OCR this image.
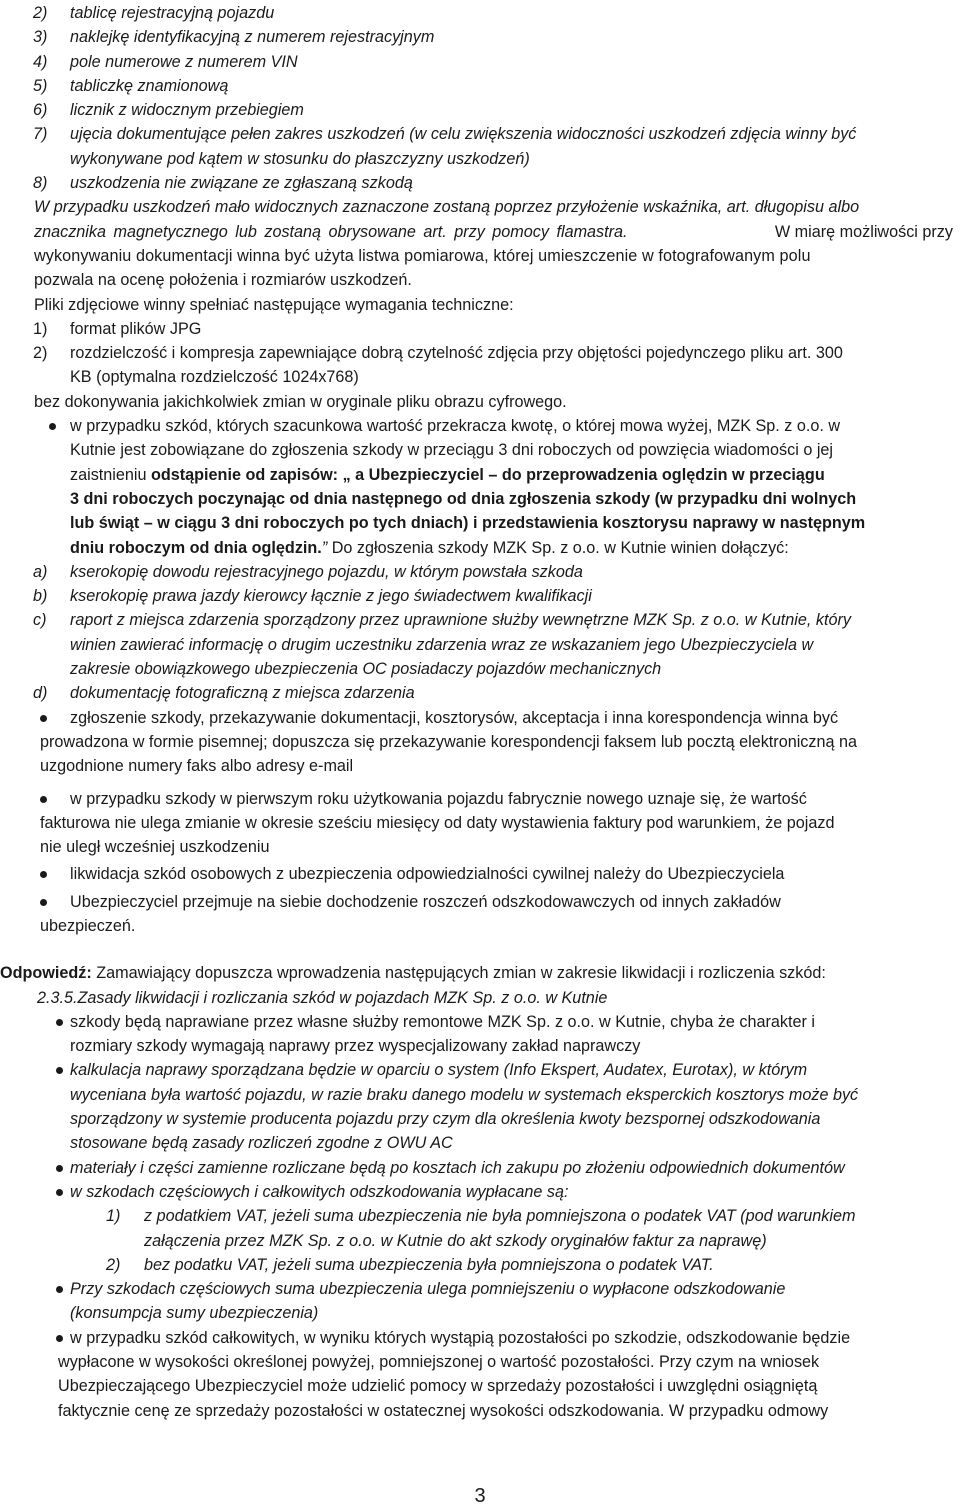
2) tablicę rejestracyjną pojazdu
3) naklejkę identyfikacyjną z numerem rejestracyjnym
4) pole numerowe z numerem VIN
5) tabliczkę znamionową
6) licznik z widocznym przebiegiem
7) ujęcia dokumentujące pełen zakres uszkodzeń (w celu zwiększenia widoczności uszkodzeń zdjęcia winny być
wykonywane pod kątem w stosunku do płaszczyzny uszkodzeń)
8) uszkodzenia nie związane ze zgłaszaną szkodą
W przypadku uszkodzeń mało widocznych zaznaczone zostaną poprzez przyłożenie wskaźnika, art. długopisu albo
znacznika magnetycznego lub zostaną obrysowane art. przy pomocy flamastra.	W miarę możliwości przy
wykonywaniu dokumentacji winna być użyta listwa pomiarowa, której umieszczenie w fotografowanym polu
pozwala na ocenę położenia i rozmiarów uszkodzeń.
Pliki zdjęciowe winny spełniać następujące wymagania techniczne:
1) format plików JPG
2) rozdzielczość i kompresja zapewniające dobrą czytelność zdjęcia przy objętości pojedynczego pliku art. 300
KB (optymalna rozdzielczość 1024x768)
bez dokonywania jakichkolwiek zmian w oryginale pliku obrazu cyfrowego.
w przypadku szkód, których szacunkowa wartość przekracza kwotę, o której mowa wyżej, MZK Sp. z o.o. w
Kutnie jest zobowiązane do zgłoszenia szkody w przeciągu 3 dni roboczych od powzięcia wiadomości o jej
zaistnieniu odstąpienie od zapisów: „ a Ubezpieczyciel – do przeprowadzenia oględzin w przeciągu
3 dni roboczych poczynając od dnia następnego od dnia zgłoszenia szkody (w przypadku dni wolnych
lub świąt – w ciągu 3 dni roboczych po tych dniach) i przedstawienia kosztorysu naprawy w następnym
dniu roboczym od dnia oględzin.” Do zgłoszenia szkody MZK Sp. z o.o. w Kutnie winien dołączyć:
a) kserokopię dowodu rejestracyjnego pojazdu, w którym powstała szkoda
b) kserokopię prawa jazdy kierowcy łącznie z jego świadectwem kwalifikacji
c) raport z miejsca zdarzenia sporządzony przez uprawnione służby wewnętrzne MZK Sp. z o.o. w Kutnie, który
winien zawierać informację o drugim uczestniku zdarzenia wraz ze wskazaniem jego Ubezpieczyciela w
zakresie obowiązkowego ubezpieczenia OC posiadaczy pojazdów mechanicznych
d) dokumentację fotograficzną z miejsca zdarzenia
zgłoszenie szkody, przekazywanie dokumentacji, kosztorysów, akceptacja i inna korespondencja winna być
prowadzona w formie pisemnej; dopuszcza się przekazywanie korespondencji faksem lub pocztą elektroniczną na
uzgodnione numery faks albo adresy e-mail
w przypadku szkody w pierwszym roku użytkowania pojazdu fabrycznie nowego uznaje się, że wartość
fakturowa nie ulega zmianie w okresie sześciu miesięcy od daty wystawienia faktury pod warunkiem, że pojazd
nie uległ wcześniej uszkodzeniu
likwidacja szkód osobowych z ubezpieczenia odpowiedzialności cywilnej należy do Ubezpieczyciela
Ubezpieczyciel przejmuje na siebie dochodzenie roszczeń odszkodowawczych od innych zakładów
ubezpieczeń.
Odpowiedź: Zamawiający dopuszcza wprowadzenia następujących zmian w zakresie likwidacji i rozliczenia szkód:
2.3.5.Zasady likwidacji i rozliczania szkód w pojazdach MZK Sp. z o.o. w Kutnie
szkody będą naprawiane przez własne służby remontowe MZK Sp. z o.o. w Kutnie, chyba że charakter i
rozmiary szkody wymagają naprawy przez wyspecjalizowany zakład naprawczy
kalkulacja naprawy sporządzana będzie w oparciu o system (Info Ekspert, Audatex, Eurotax), w którym
wyceniana była wartość pojazdu, w razie braku danego modelu w systemach eksperckich kosztorys może być
sporządzony w systemie producenta pojazdu przy czym dla określenia kwoty bezspornej odszkodowania
stosowane będą zasady rozliczeń zgodne z OWU AC
materiały i części zamienne rozliczane będą po kosztach ich zakupu po złożeniu odpowiednich dokumentów
w szkodach częściowych i całkowitych odszkodowania wypłacane są:
1) z podatkiem VAT, jeżeli suma ubezpieczenia nie była pomniejszona o podatek VAT (pod warunkiem
załączenia przez MZK Sp. z o.o. w Kutnie do akt szkody oryginałów faktur za naprawę)
2) bez podatku VAT, jeżeli suma ubezpieczenia była pomniejszona o podatek VAT.
Przy szkodach częściowych suma ubezpieczenia ulega pomniejszeniu o wypłacone odszkodowanie
(konsumpcja sumy ubezpieczenia)
w przypadku szkód całkowitych, w wyniku których wystąpią pozostałości po szkodzie, odszkodowanie będzie
wypłacone w wysokości określonej powyżej, pomniejszonej o wartość pozostałości. Przy czym na wniosek
Ubezpieczającego Ubezpieczyciel może udzielić pomocy w sprzedaży pozostałości i uwzględni osiągniętą
faktycznie cenę ze sprzedaży pozostałości w ostatecznej wysokości odszkodowania. W przypadku odmowy
3
